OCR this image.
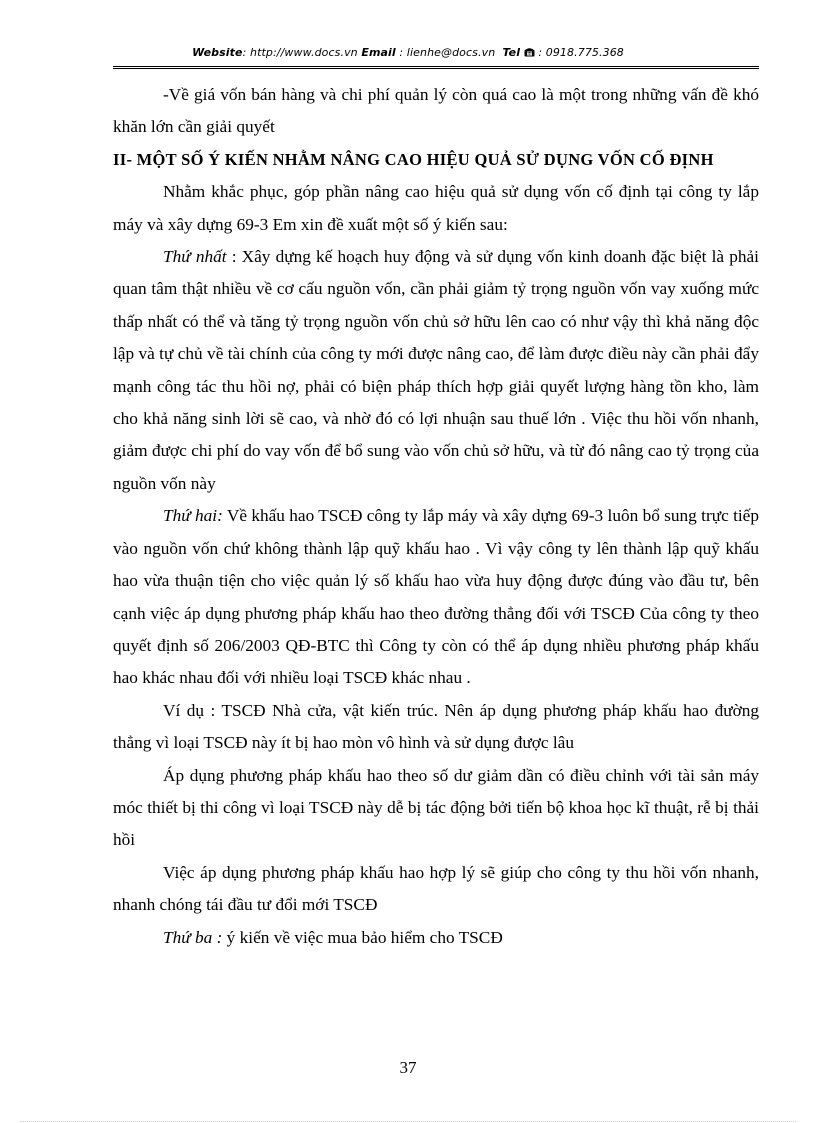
Website: http://www.docs.vn Email : lienhe@docs.vn Tel : 0918.775.368

-Về giá vốn bán hàng và chi phí quản lý còn quá cao là một trong những vấn đề khó khăn lớn cần giải quyết

II- MỘT SỐ Ý KIẾN NHẰM NÂNG CAO HIỆU QUẢ SỬ DỤNG VỐN CỐ ĐỊNH

Nhằm khắc phục, góp phần nâng cao hiệu quả sử dụng vốn cố định tại công ty lắp máy và xây dựng 69-3 Em xin đề xuất một số ý kiến sau:

Thứ nhất : Xây dựng kế hoạch huy động và sử dụng vốn kinh doanh đặc biệt là phải quan tâm thật nhiều về cơ cấu nguồn vốn, cần phải giảm tỷ trọng nguồn vốn vay xuống mức thấp nhất có thể và tăng tỷ trọng nguồn vốn chủ sở hữu lên cao có như vậy thì khả năng độc lập và tự chủ về tài chính của công ty mới được nâng cao, để làm được điều này cần phải đẩy mạnh công tác thu hồi nợ, phải có biện pháp thích hợp giải quyết lượng hàng tồn kho, làm cho khả năng sinh lời sẽ cao, và nhờ đó có lợi nhuận sau thuế lớn . Việc thu hồi vốn nhanh, giảm được chi phí do vay vốn để bổ sung vào vốn chủ sở hữu, và từ đó nâng cao tỷ trọng của nguồn vốn này

Thứ hai: Về khấu hao TSCĐ công ty lắp máy và xây dựng 69-3 luôn bổ sung trực tiếp vào nguồn vốn chứ không thành lập quỹ khấu hao . Vì vậy công ty lên thành lập quỹ khấu hao vừa thuận tiện cho việc quản lý số khấu hao vừa huy động được đúng vào đầu tư, bên cạnh việc áp dụng phương pháp khấu hao theo đường thẳng đối với TSCĐ Của công ty theo quyết định số 206/2003 QĐ-BTC thì Công ty còn có thể áp dụng nhiều phương pháp khấu hao khác nhau đối với nhiều loại TSCĐ khác nhau .

Ví dụ : TSCĐ Nhà cửa, vật kiến trúc. Nên áp dụng phương pháp khấu hao đường thẳng vì loại TSCĐ này ít bị hao mòn vô hình và sử dụng được lâu

Áp dụng phương pháp khấu hao theo số dư giảm dần có điều chỉnh với tài sản máy móc thiết bị thi công vì loại TSCĐ này dễ bị tác động bởi tiến bộ khoa học kĩ thuật, rễ bị thải hồi

Việc áp dụng phương pháp khấu hao hợp lý sẽ giúp cho công ty thu hồi vốn nhanh, nhanh chóng tái đầu tư đổi mới TSCĐ

Thứ ba : ý kiến về việc mua bảo hiểm cho TSCĐ

37
